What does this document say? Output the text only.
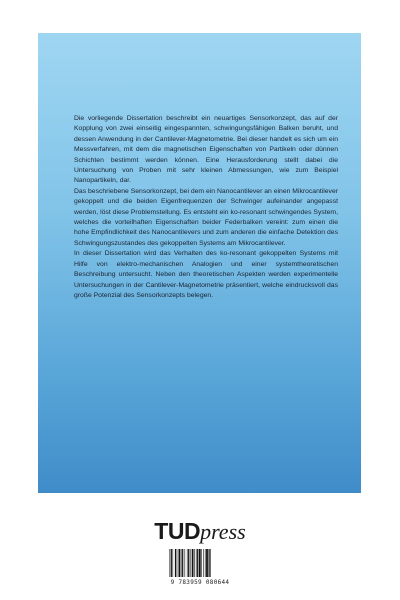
Die vorliegende Dissertation beschreibt ein neuartiges Sensorkonzept, das auf der Kopplung von zwei einseitig eingespannten, schwingungsfähigen Balken beruht, und dessen Anwendung in der Cantilever-Magnetometrie. Bei dieser handelt es sich um ein Messverfahren, mit dem die magnetischen Eigenschaften von Partikeln oder dünnen Schichten bestimmt werden können. Eine Herausforderung stellt dabei die Untersuchung von Proben mit sehr kleinen Abmessungen, wie zum Beispiel Nanopartikeln, dar.

Das beschriebene Sensorkonzept, bei dem ein Nanocantilever an einen Mikrocantilever gekoppelt und die beiden Eigenfrequenzen der Schwinger aufeinander angepasst werden, löst diese Problemstellung. Es entsteht ein ko-resonant schwingendes System, welches die vorteilhaften Eigenschaften beider Federbalken vereint: zum einen die hohe Empfindlichkeit des Nanocantilevers und zum anderen die einfache Detektion des Schwingungszustandes des gekoppelten Systems am Mikrocantilever.

In dieser Dissertation wird das Verhalten des ko-resonant gekoppelten Systems mit Hilfe von elektro-mechanischen Analogien und einer systemtheoretischen Beschreibung untersucht. Neben den theoretischen Aspekten werden experimentelle Untersuchungen in der Cantilever-Magnetometrie präsentiert, welche eindrucksvoll das große Potenzial des Sensorkonzepts belegen.

TUDpress
9 783959 080644
